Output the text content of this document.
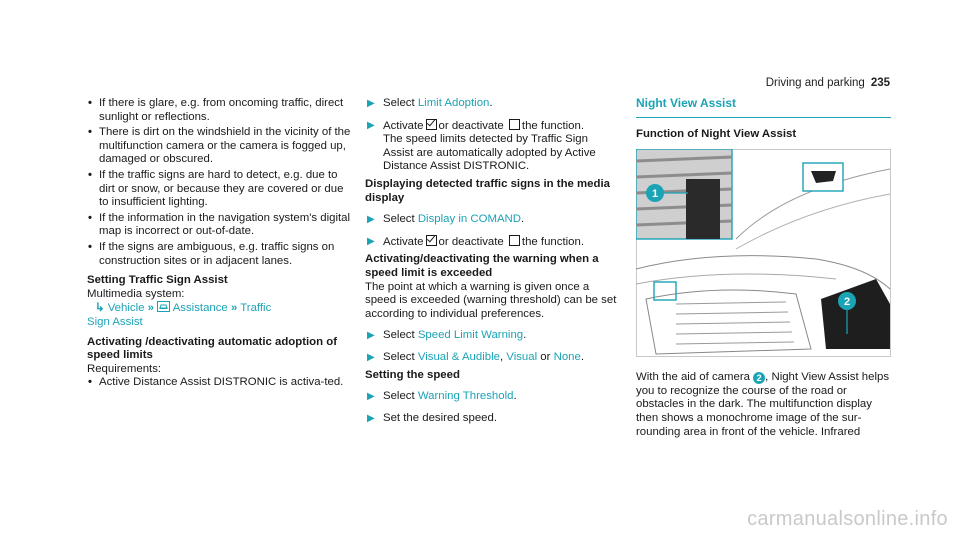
Driving and parking 235
• If there is glare, e.g. from oncoming traffic, direct sunlight or reflections.
• There is dirt on the windshield in the vicinity of the multifunction camera or the camera is fogged up, damaged or obscured.
• If the traffic signs are hard to detect, e.g. due to dirt or snow, or because they are covered or due to insufficient lighting.
• If the information in the navigation system's digital map is incorrect or out-of-date.
• If the signs are ambiguous, e.g. traffic signs on construction sites or in adjacent lanes.
Setting Traffic Sign Assist
Multimedia system:
↳ Vehicle » Assistance » Traffic
Sign Assist
Activating /deactivating automatic adoption of speed limits
Requirements:
• Active Distance Assist DISTRONIC is activa-ted.
▶ Select Limit Adoption.
▶ Activate or deactivate the function.
The speed limits detected by Traffic Sign Assist are automatically adopted by Active Distance Assist DISTRONIC.
Displaying detected traffic signs in the media display
▶ Select Display in COMAND.
▶ Activate or deactivate the function.
Activating/deactivating the warning when a speed limit is exceeded
The point at which a warning is given once a speed is exceeded (warning threshold) can be set according to individual preferences.
▶ Select Speed Limit Warning.
▶ Select Visual & Audible, Visual or None.
Setting the speed
▶ Select Warning Threshold.
▶ Set the desired speed.
Night View Assist
Function of Night View Assist
1
2
With the aid of camera 2 , Night View Assist helps you to recognize the course of the road or obstacles in the dark. The multifunction display then shows a monochrome image of the sur-rounding area in front of the vehicle. Infrared
carmanualsonline.info
